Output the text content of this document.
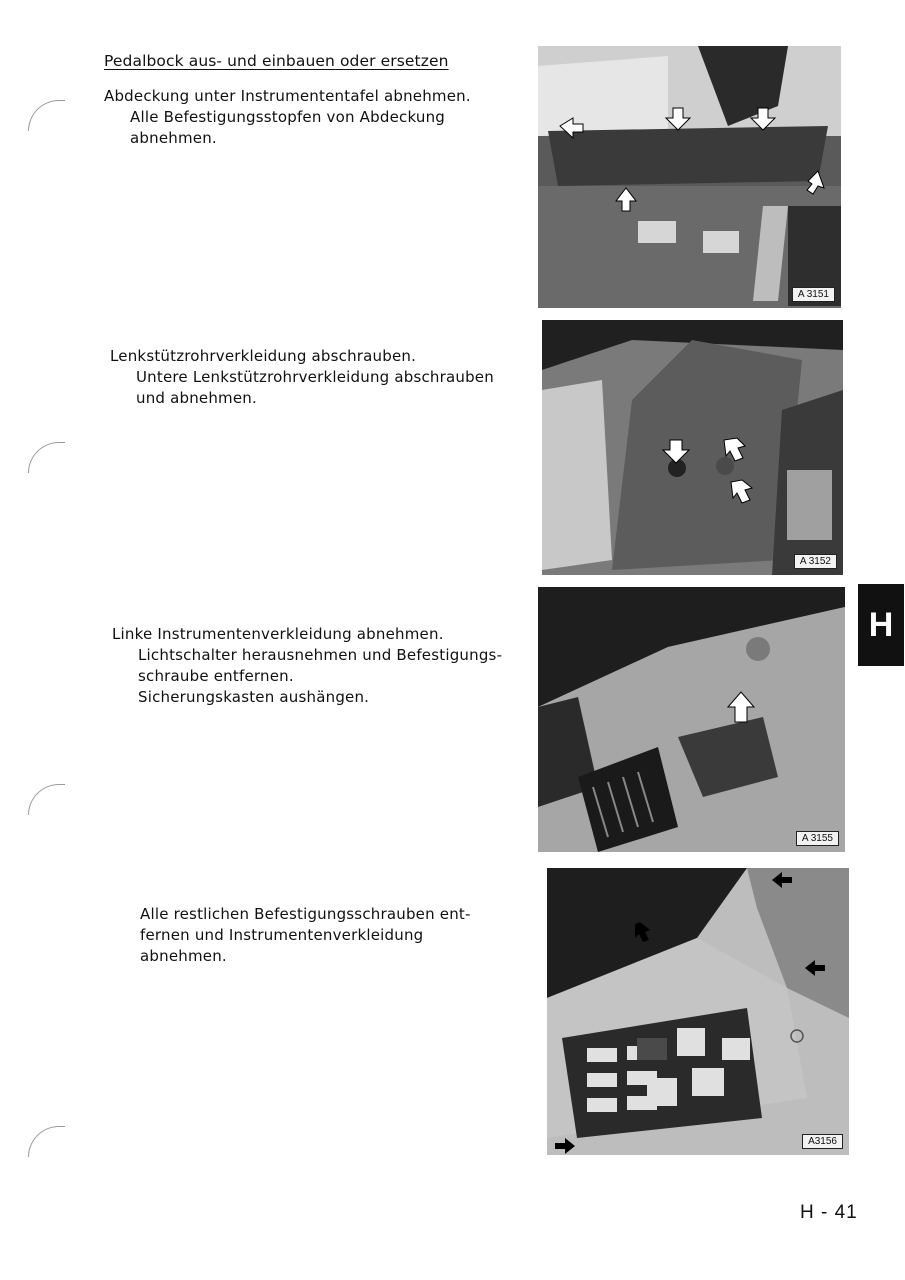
Pedalbock aus- und einbauen oder ersetzen
Abdeckung unter Instrumententafel abnehmen.
Alle Befestigungsstopfen von Abdeckung
abnehmen.
Lenkstützrohrverkleidung abschrauben.
Untere Lenkstützrohrverkleidung abschrauben
und abnehmen.
Linke Instrumentenverkleidung abnehmen.
Lichtschalter herausnehmen und Befestigungs-
schraube entfernen.
Sicherungskasten aushängen.
Alle restlichen Befestigungsschrauben ent-
fernen und Instrumentenverkleidung
abnehmen.
A 3151
A 3152
A 3155
A3156
H
H - 41
